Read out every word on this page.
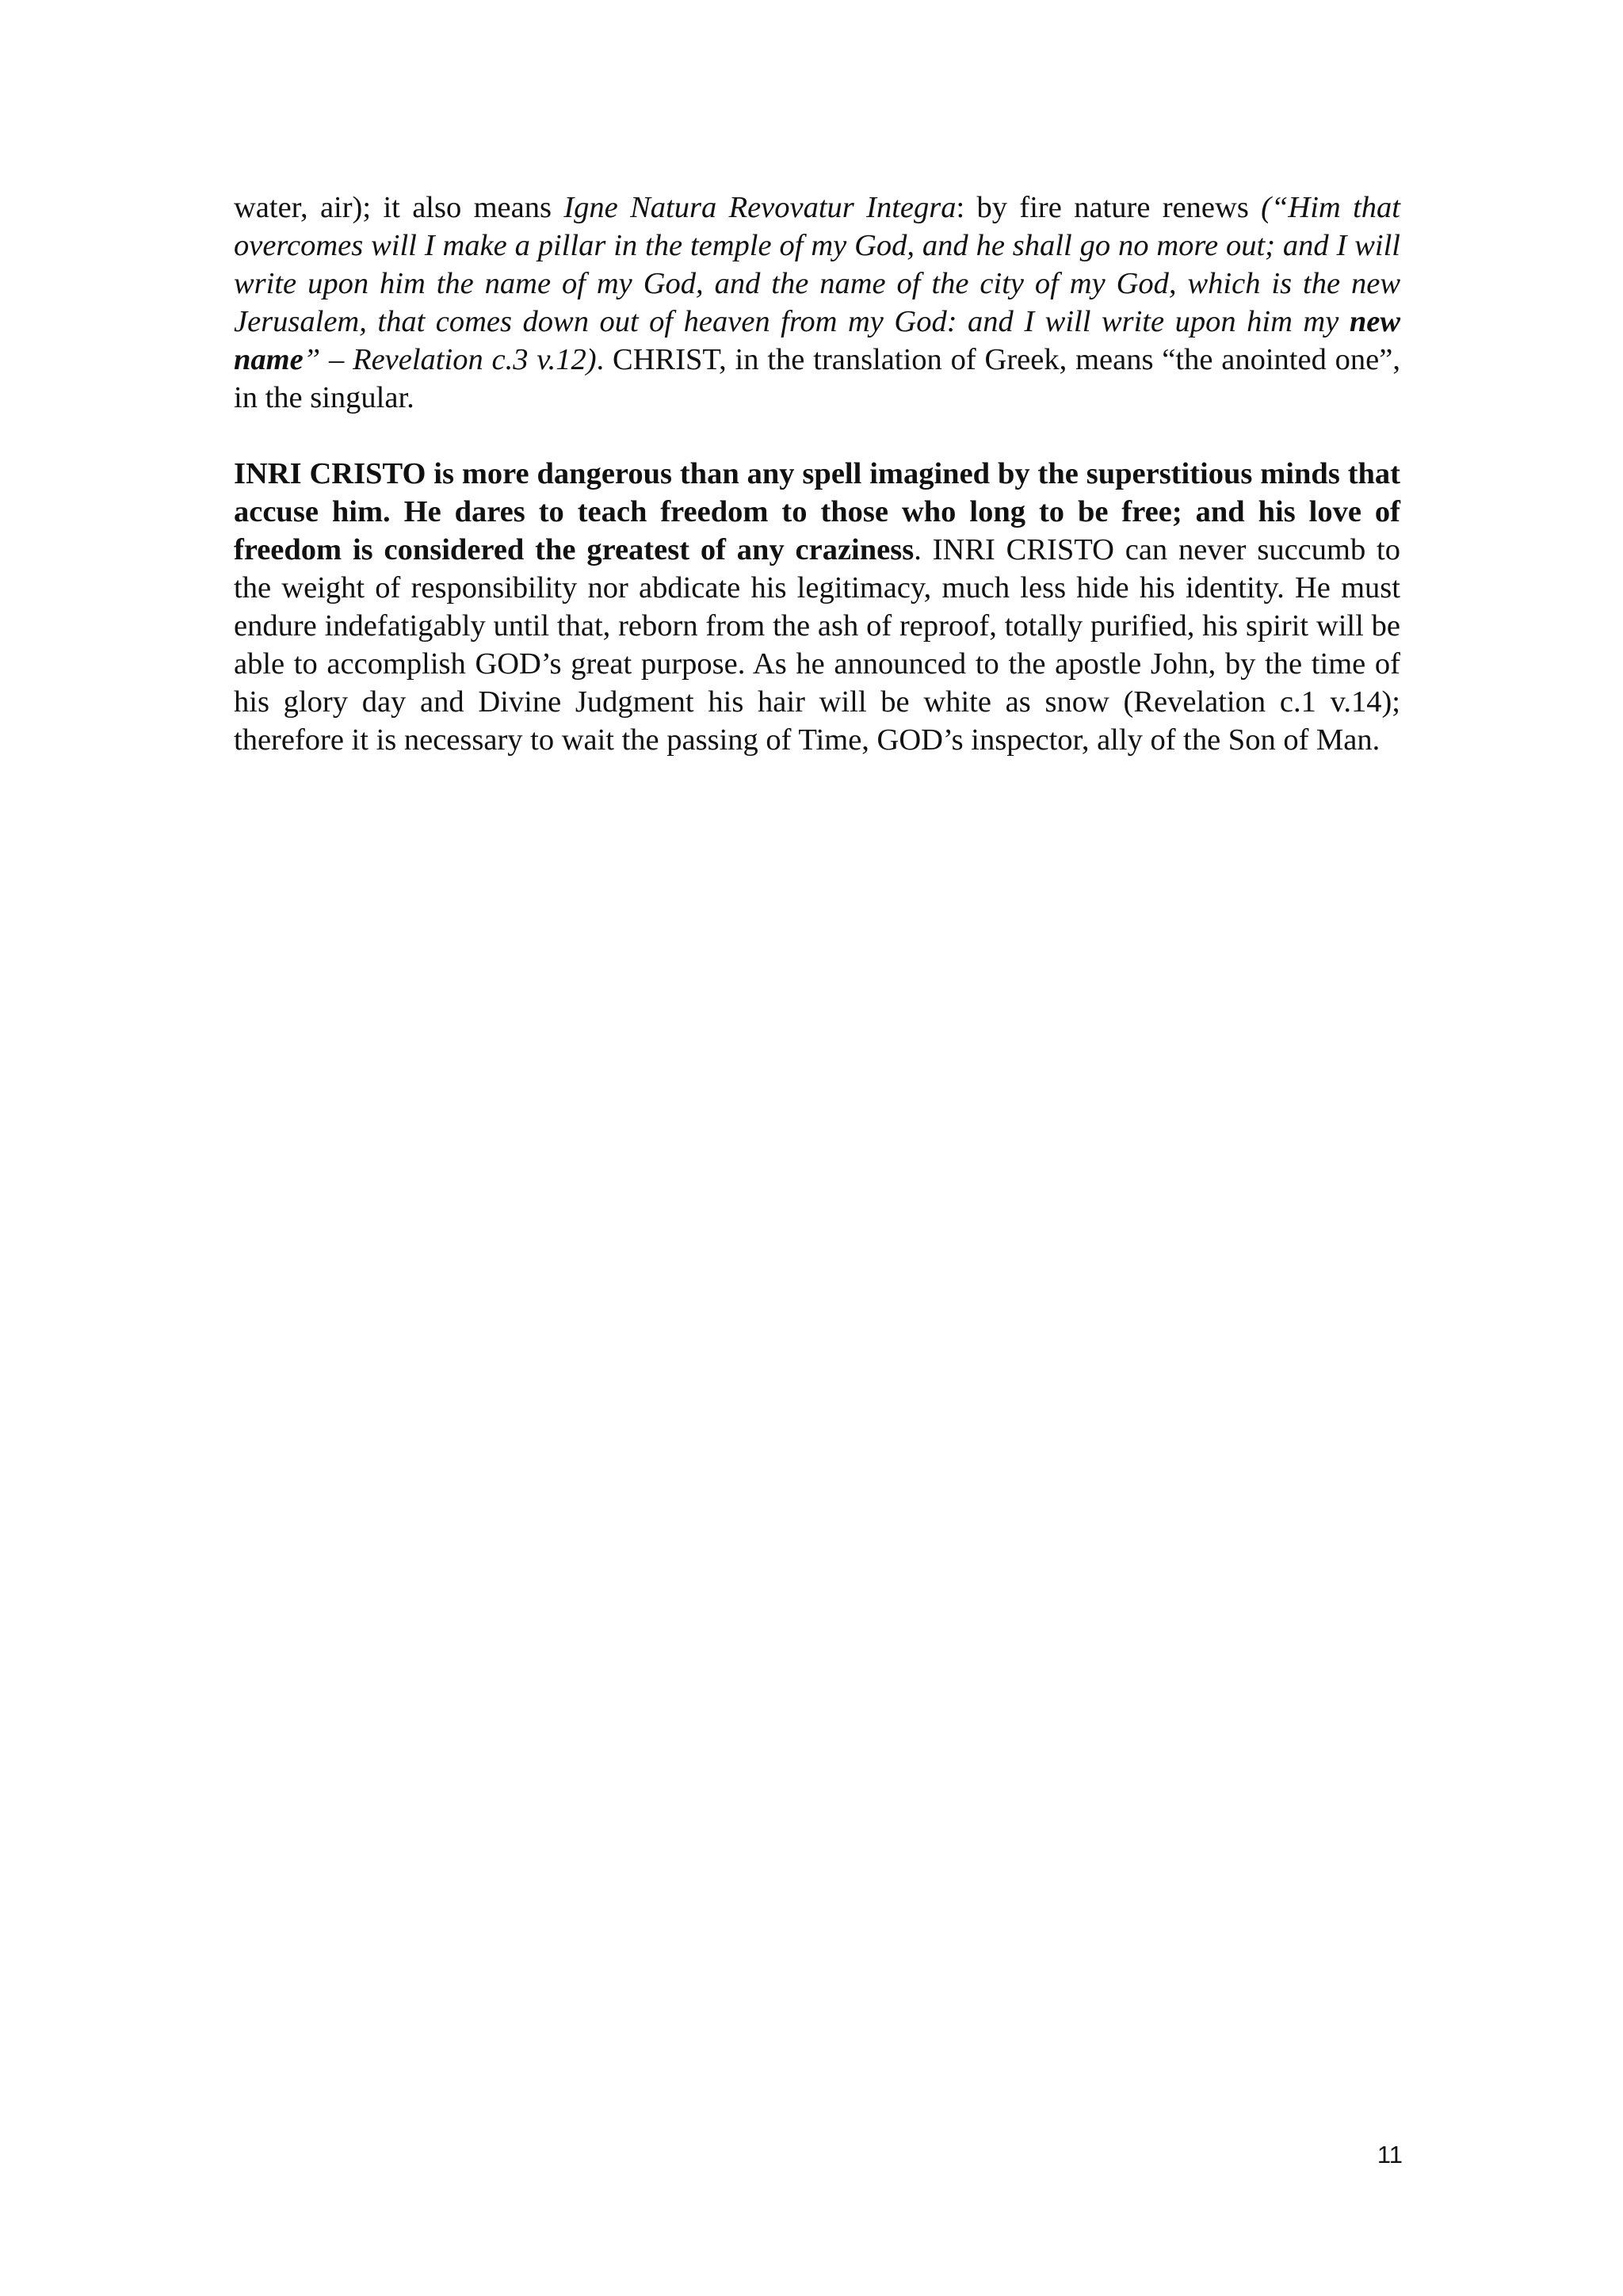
water, air); it also means Igne Natura Revovatur Integra: by fire nature renews (“Him that overcomes will I make a pillar in the temple of my God, and he shall go no more out; and I will write upon him the name of my God, and the name of the city of my God, which is the new Jerusalem, that comes down out of heaven from my God: and I will write upon him my new name” – Revelation c.3 v.12). CHRIST, in the translation of Greek, means “the anointed one”, in the singular.

INRI CRISTO is more dangerous than any spell imagined by the superstitious minds that accuse him. He dares to teach freedom to those who long to be free; and his love of freedom is considered the greatest of any craziness. INRI CRISTO can never succumb to the weight of responsibility nor abdicate his legitimacy, much less hide his identity. He must endure indefatigably until that, reborn from the ash of reproof, totally purified, his spirit will be able to accomplish GOD’s great purpose. As he announced to the apostle John, by the time of his glory day and Divine Judgment his hair will be white as snow (Revelation c.1 v.14); therefore it is necessary to wait the passing of Time, GOD’s inspector, ally of the Son of Man.

11
